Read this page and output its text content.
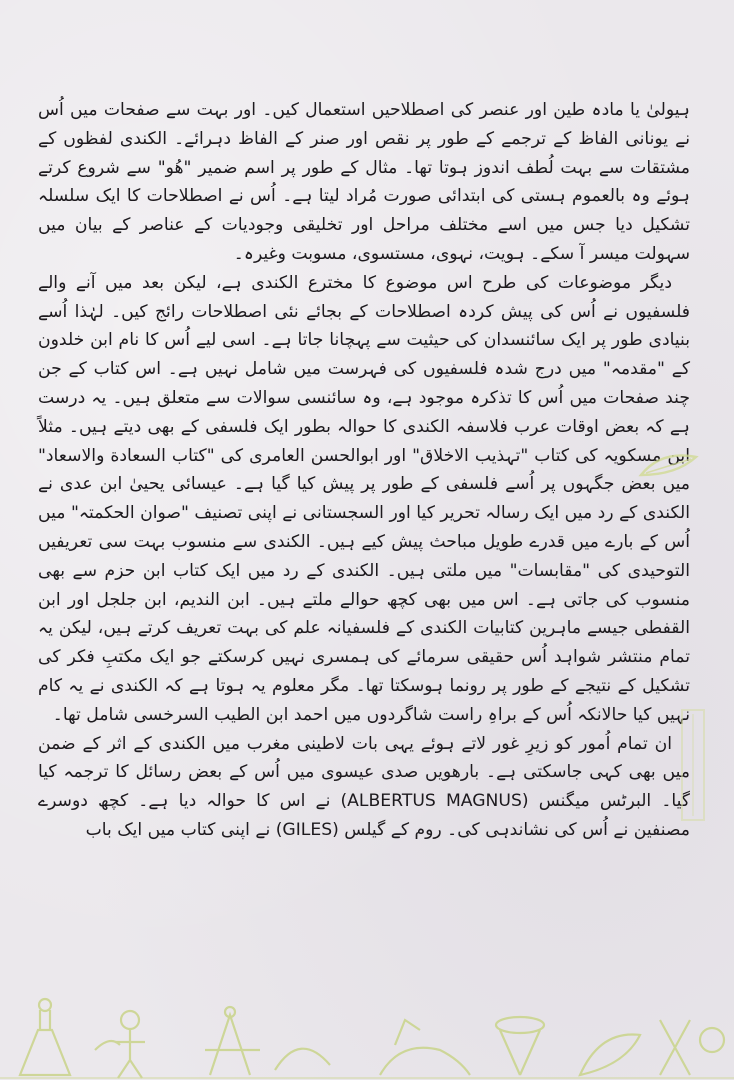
ہیولیٰ یا مادہ طین اور عنصر کی اصطلاحیں استعمال کیں۔ اور بہت سے صفحات میں اُس نے یونانی الفاظ کے ترجمے کے طور پر نقص اور صنر کے الفاظ دہرائے۔ الکندی لفظوں کے مشتقات سے بہت لُطف اندوز ہوتا تھا۔ مثال کے طور پر اسم ضمیر "ھُو" سے شروع کرتے ہوئے وہ بالعموم ہستی کی ابتدائی صورت مُراد لیتا ہے۔ اُس نے اصطلاحات کا ایک سلسلہ تشکیل دیا جس میں اسے مختلف مراحل اور تخلیقی وجودیات کے عناصر کے بیان میں سہولت میسر آ سکے۔ ہویت، نہوی، مستسوی، مسوبت وغیرہ۔

دیگر موضوعات کی طرح اس موضوع کا مخترع الکندی ہے، لیکن بعد میں آنے والے فلسفیوں نے اُس کی پیش کردہ اصطلاحات کے بجائے نئی اصطلاحات رائج کیں۔ لہٰذا اُسے بنیادی طور پر ایک سائنسدان کی حیثیت سے پہچانا جاتا ہے۔ اسی لیے اُس کا نام ابن خلدون کے "مقدمہ" میں درج شدہ فلسفیوں کی فہرست میں شامل نہیں ہے۔ اس کتاب کے جن چند صفحات میں اُس کا تذکرہ موجود ہے، وہ سائنسی سوالات سے متعلق ہیں۔ یہ درست ہے کہ بعض اوقات عرب فلاسفہ الکندی کا حوالہ بطور ایک فلسفی کے بھی دیتے ہیں۔ مثلاً ابن مسکویہ کی کتاب "تہذیب الاخلاق" اور ابوالحسن العامری کی "کتاب السعادة والاسعاد" میں بعض جگہوں پر اُسے فلسفی کے طور پر پیش کیا گیا ہے۔ عیسائی یحییٰ ابن عدی نے الکندی کے رد میں ایک رسالہ تحریر کیا اور السجستانی نے اپنی تصنیف "صوان الحکمتہ" میں اُس کے بارے میں قدرے طویل مباحث پیش کیے ہیں۔ الکندی سے منسوب بہت سی تعریفیں التوحیدی کی "مقابسات" میں ملتی ہیں۔ الکندی کے رد میں ایک کتاب ابن حزم سے بھی منسوب کی جاتی ہے۔ اس میں بھی کچھ حوالے ملتے ہیں۔ ابن الندیم، ابن جلجل اور ابن القفطی جیسے ماہرین کتابیات الکندی کے فلسفیانہ علم کی بہت تعریف کرتے ہیں، لیکن یہ تمام منتشر شواہد اُس حقیقی سرمائے کی ہمسری نہیں کرسکتے جو ایک مکتبِ فکر کی تشکیل کے نتیجے کے طور پر رونما ہوسکتا تھا۔ مگر معلوم یہ ہوتا ہے کہ الکندی نے یہ کام نہیں کیا حالانکہ اُس کے براہِ راست شاگردوں میں احمد ابن الطیب السرخسی شامل تھا۔

ان تمام اُمور کو زیرِ غور لاتے ہوئے یہی بات لاطینی مغرب میں الکندی کے اثر کے ضمن میں بھی کہی جاسکتی ہے۔ بارھویں صدی عیسوی میں اُس کے بعض رسائل کا ترجمہ کیا گیا۔ البرٹس میگنس (ALBERTUS MAGNUS) نے اس کا حوالہ دیا ہے۔ کچھ دوسرے مصنفین نے اُس کی نشاندہی کی۔ روم کے گیلس (GILES) نے اپنی کتاب میں ایک باب
